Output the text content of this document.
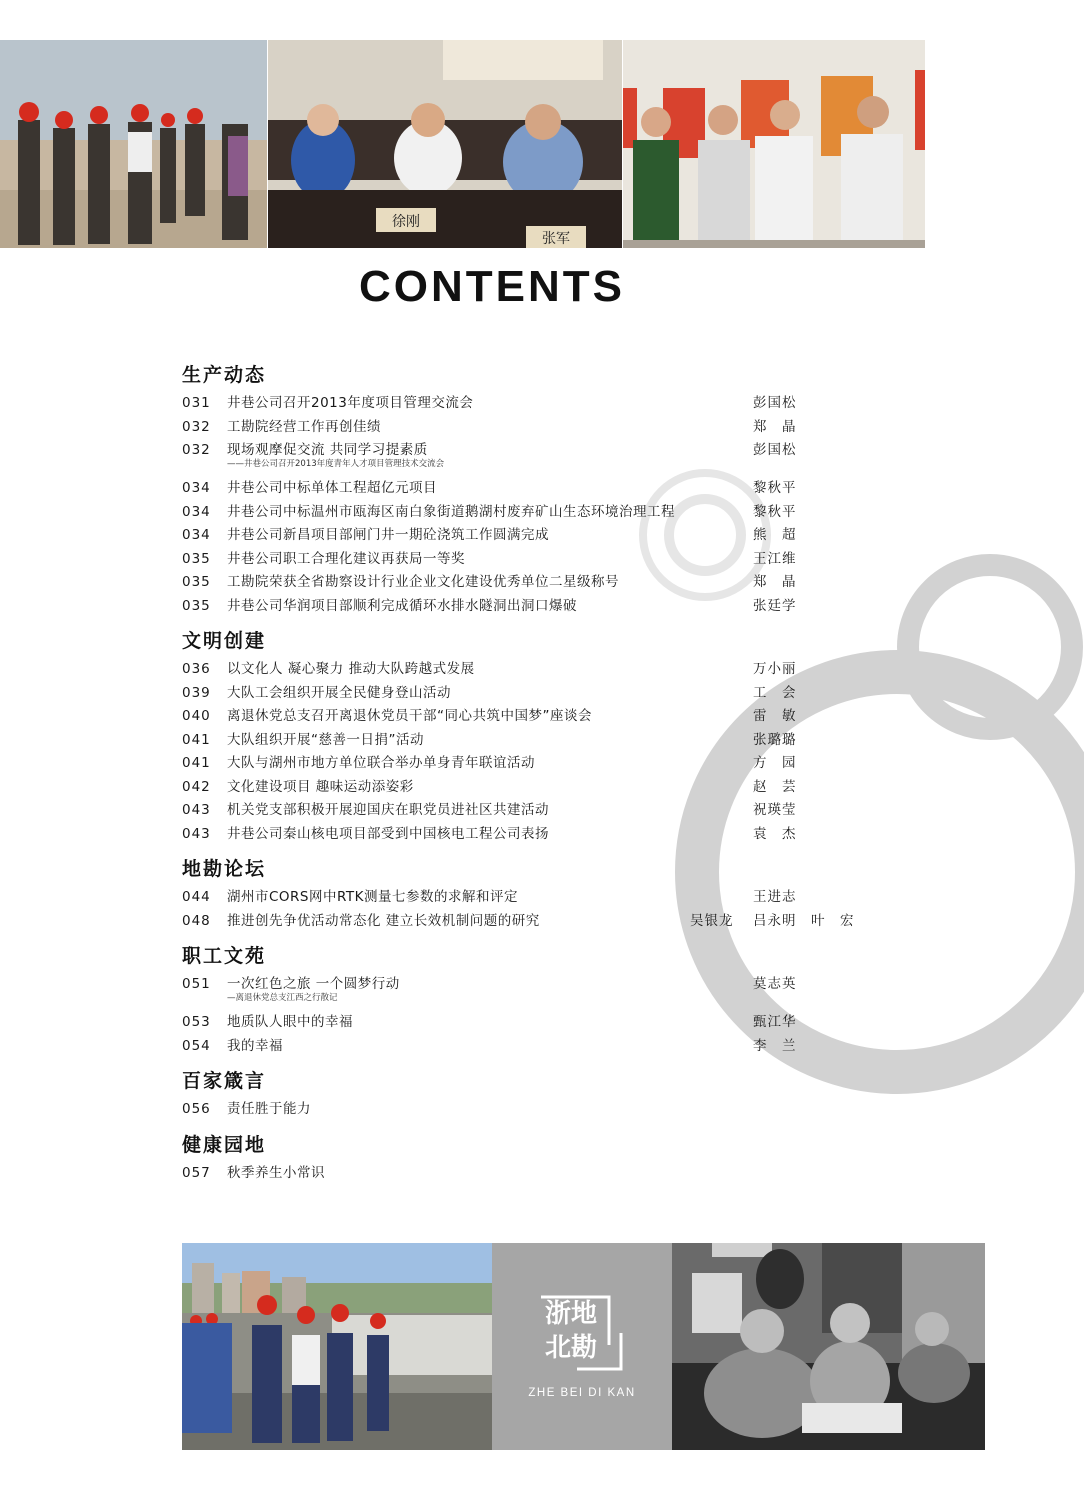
徐刚
张军
CONTENTS
生产动态
031	井巷公司召开2013年度项目管理交流会	彭国松
032	工勘院经营工作再创佳绩	郑　晶
032	现场观摩促交流 共同学习提素质
——井巷公司召开2013年度青年人才项目管理技术交流会
彭国松
034	井巷公司中标单体工程超亿元项目	黎秋平
034	井巷公司中标温州市瓯海区南白象街道鹅湖村废弃矿山生态环境治理工程	黎秋平
034	井巷公司新昌项目部闸门井一期砼浇筑工作圆满完成	熊　超
035	井巷公司职工合理化建议再获局一等奖	王江维
035	工勘院荣获全省勘察设计行业企业文化建设优秀单位二星级称号	郑　晶
035	井巷公司华润项目部顺利完成循环水排水隧洞出洞口爆破	张廷学
文明创建
036	以文化人 凝心聚力 推动大队跨越式发展	万小丽
039	大队工会组织开展全民健身登山活动	工　会
040	离退休党总支召开离退休党员干部“同心共筑中国梦”座谈会	雷　敏
041	大队组织开展“慈善一日捐”活动	张璐璐
041	大队与湖州市地方单位联合举办单身青年联谊活动	方　园
042	文化建设项目 趣味运动添姿彩	赵　芸
043	机关党支部积极开展迎国庆在职党员进社区共建活动	祝瑛莹
043	井巷公司秦山核电项目部受到中国核电工程公司表扬	袁　杰
地勘论坛
044	湖州市CORS网中RTK测量七参数的求解和评定	王进志
048	推进创先争优活动常态化 建立长效机制问题的研究	吴银龙 吕永明　叶　宏
职工文苑
051	一次红色之旅 一个圆梦行动
—离退休党总支江西之行散记
莫志英
053	地质队人眼中的幸福	甄江华
054	我的幸福	李　兰
百家箴言
056	责任胜于能力
健康园地
057	秋季养生小常识
浙地
北勘
ZHE BEI DI KAN
